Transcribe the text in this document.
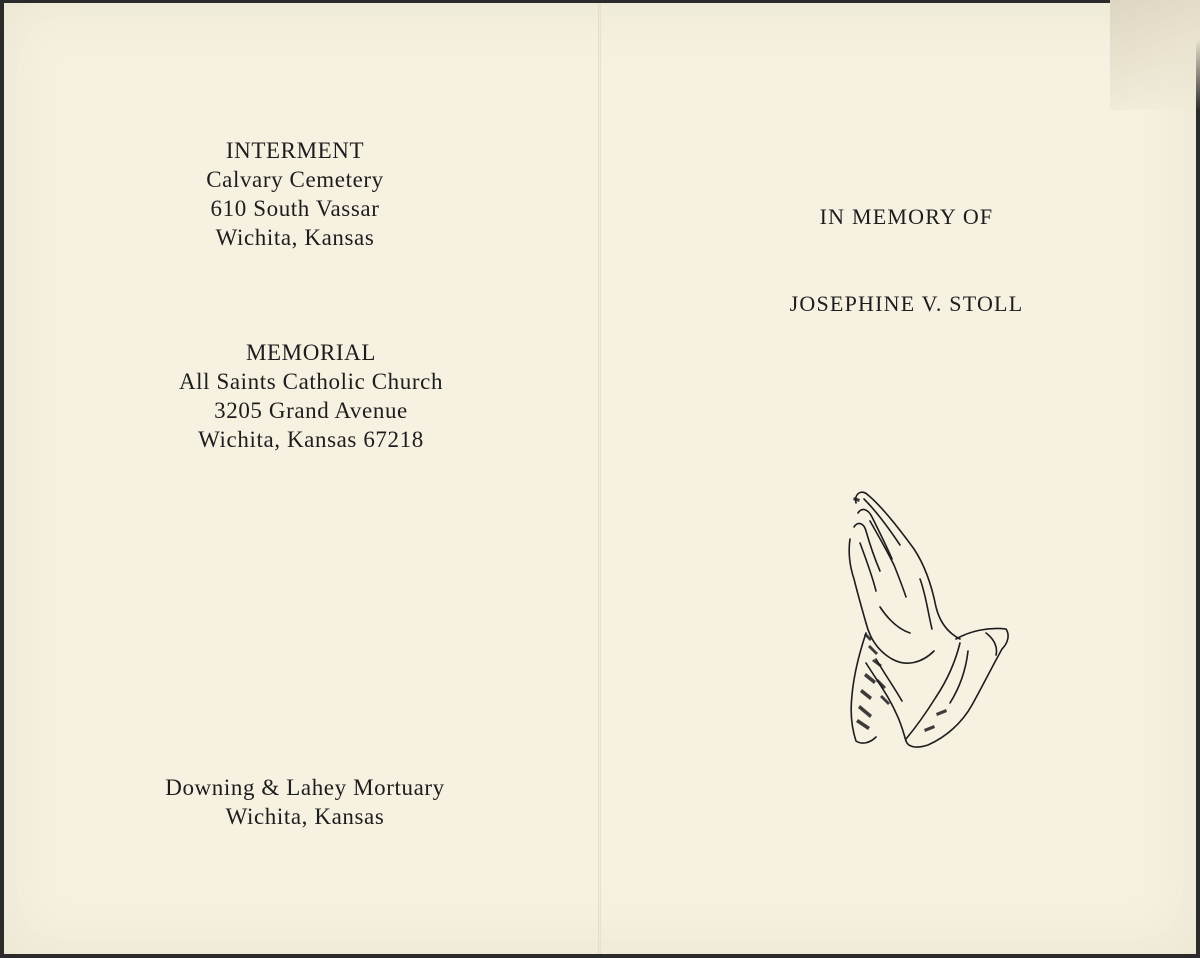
INTERMENT
Calvary Cemetery
610 South Vassar
Wichita, Kansas
MEMORIAL
All Saints Catholic Church
3205 Grand Avenue
Wichita, Kansas 67218
Downing & Lahey Mortuary
Wichita, Kansas
IN MEMORY OF
JOSEPHINE V. STOLL
